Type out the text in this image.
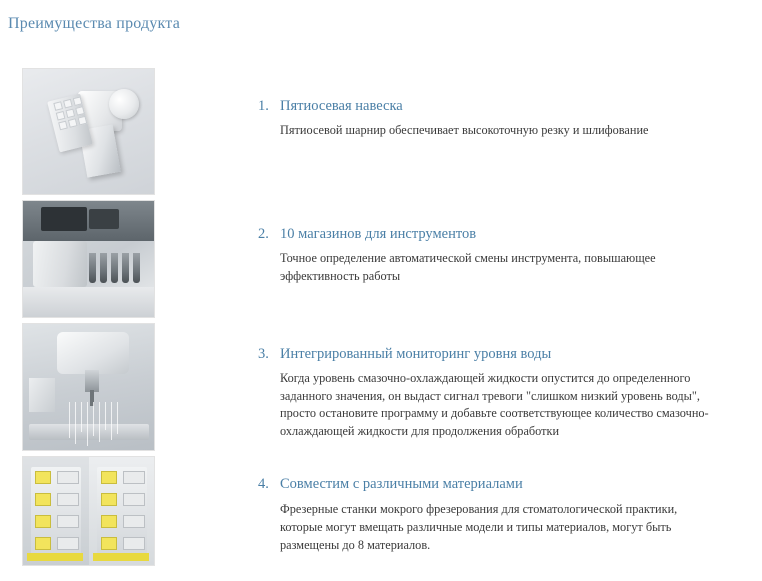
Преимущества продукта
1. Пятиосевая навеска
Пятиосевой шарнир обеспечивает высокоточную резку и шлифование
2. 10 магазинов для инструментов
Точное определение автоматической смены инструмента, повышающее эффективность работы
3. Интегрированный мониторинг уровня воды
Когда уровень смазочно-охлаждающей жидкости опустится до определенного заданного значения, он выдаст сигнал тревоги "слишком низкий уровень воды", просто остановите программу и добавьте соответствующее количество смазочно-охлаждающей жидкости для продолжения обработки
4. Совместим с различными материалами
Фрезерные станки мокрого фрезерования для стоматологической практики, которые могут вмещать различные модели и типы материалов, могут быть размещены до 8 материалов.
